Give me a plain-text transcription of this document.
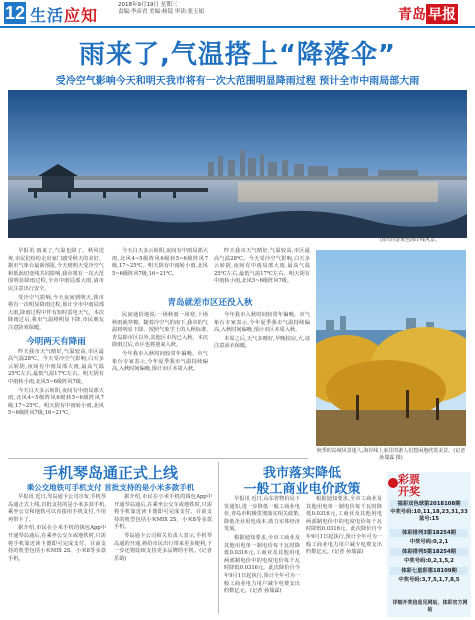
12 生活应知
2018年9月19日 星期三
责编:李彦君 美编:杨镜 审读:张玉娟	青岛 早报
雨来了,气温搭上“降落伞”
受冷空气影响今天和明天我市将有一次大范围明显降雨过程 预计全市中雨局部大雨
国庆的金黄色海岸线风景。

早报讯 雨来了,气温也降了。秋风送爽,市民们纷纷走出家门感受秋天的美好。据市气象台最新预报,今天到明天受冷空气和低涡切变线共同影响,我市将有一次大范围明显降雨过程,全市中雨局部大雨,请市民注意出行安全。

受冷空气影响,今天夜间到明天,我市将有一次明显降雨过程,预计全市中雨局部大雨,降雨过程中伴有短时雷电天气。本次降雨过后,我市气温将明显下降,市民朋友注意防寒保暖。

今明两天有降雨

昨天我市天气晴好,气温较高,市区最高气温28℃。今天受冷空气影响,白天多云转阴,夜间有中雨局部大雨,最高气温25℃左右,最低气温17℃左右。明天阴有中雨转小雨,北风5~6级阵风7级。

今天白天多云转阴,夜间有中雨局部大雨,北风4~5级阵风6级转5~6级阵风7级,17~25℃。明天阴有中雨转小雨,北风5~6级阵风7级,16~21℃。

今天白天多云转阴,夜间有中雨局部大雨,北风4~5级阵风6级转5~6级阵风7级,17~25℃。明天阴有中雨转小雨,北风5~6级阵风7级,16~21℃。

青岛就差市区还没入秋

民间通俗地说:一场秋雨一场寒,十场秋雨就穿棉。随着冷空气的南下,我市的气温将明显下降。按照气象学上的入秋标准,青岛除市区以外,其他区市均已入秋。本次降雨过后,市区也将迎来入秋。

今年我市入秋时间较常年偏晚。市气象台专家表示,今年夏季我市气温持续偏高,入秋时间偏晚,预计市区本周入秋。

今年我市入秋时间较常年偏晚。市气象台专家表示,今年夏季我市气温持续偏高,入秋时间偏晚,预计市区本周入秋。

本周之后,天气多晴好,早晚较凉,大,请注意添衣保暖。

昨天我市天气晴好,气温较高,市区最高气温28℃。今天受冷空气影响,白天多云转阴,夜间有中雨局部大雨,最高气温25℃左右,最低气温17℃左右。明天阴有中雨转小雨,北风5~6级阵风7级。

秋季的岛城风景迷人,海岸线上来往的游人们悠闲地欣赏美景。(记者 孙瑞霖 摄)
手机琴岛通正式上线
乘公交地铁可手机支付 首批支持的是小米多款手机

早报讯 近日,琴岛通卡公司宣布,手机琴岛通正式上线,首批支持的是小米多款手机,乘坐公交和地铁可以直接用手机支付,不用再带卡了。

据介绍,市民在小米手机的钱包App中开通琴岛通后,在乘坐公交车或地铁时,只需将手机靠近读卡器即可完成支付。目前支持的机型包括小米MIX 2S、小米8等多款手机。

据介绍,市民在小米手机的钱包App中开通琴岛通后,在乘坐公交车或地铁时,只需将手机靠近读卡器即可完成支付。目前支持的机型包括小米MIX 2S、小米8等多款手机。

琴岛通卡公司相关负责人表示,手机琴岛通的开通,将给市民出行带来更多便利,下一步还将陆续支持更多品牌的手机。(记者 乐婧)

我市落实降低
一般工商业电价政策

早报讯 近日,山东省物价局下发通知,进一步降低一般工商业电价,青岛市积极贯彻落实相关政策,降低企业用电成本,助力实体经济发展。

根据通知要求,全市工商业及其他用电单一制电价每千瓦时降低0.0316元,工商业及其他用电两部制电价中的电度电价每千瓦时降低0.0316元。此次降价自今年9月1日起执行,预计全年可为一般工商业电力用户减少电费支出约数亿元。(记者 孙瑞霖)

根据通知要求,全市工商业及其他用电单一制电价每千瓦时降低0.0316元,工商业及其他用电两部制电价中的电度电价每千瓦时降低0.0316元。此次降价自今年9月1日起执行,预计全年可为一般工商业电力用户减少电费支出约数亿元。(记者 孙瑞霖)

彩票
开奖
福彩双色球第2018108期
中奖号码:10,11,18,23,31,33 蓝号:15
体彩排列3第18254期
中奖号码:0,2,1
体彩排列5第18254期
中奖号码:0,2,1,5,2
体彩七星彩第18109期
中奖号码:3,7,5,1,7,8,5
详细开奖信息见网站、体彩官方网站
